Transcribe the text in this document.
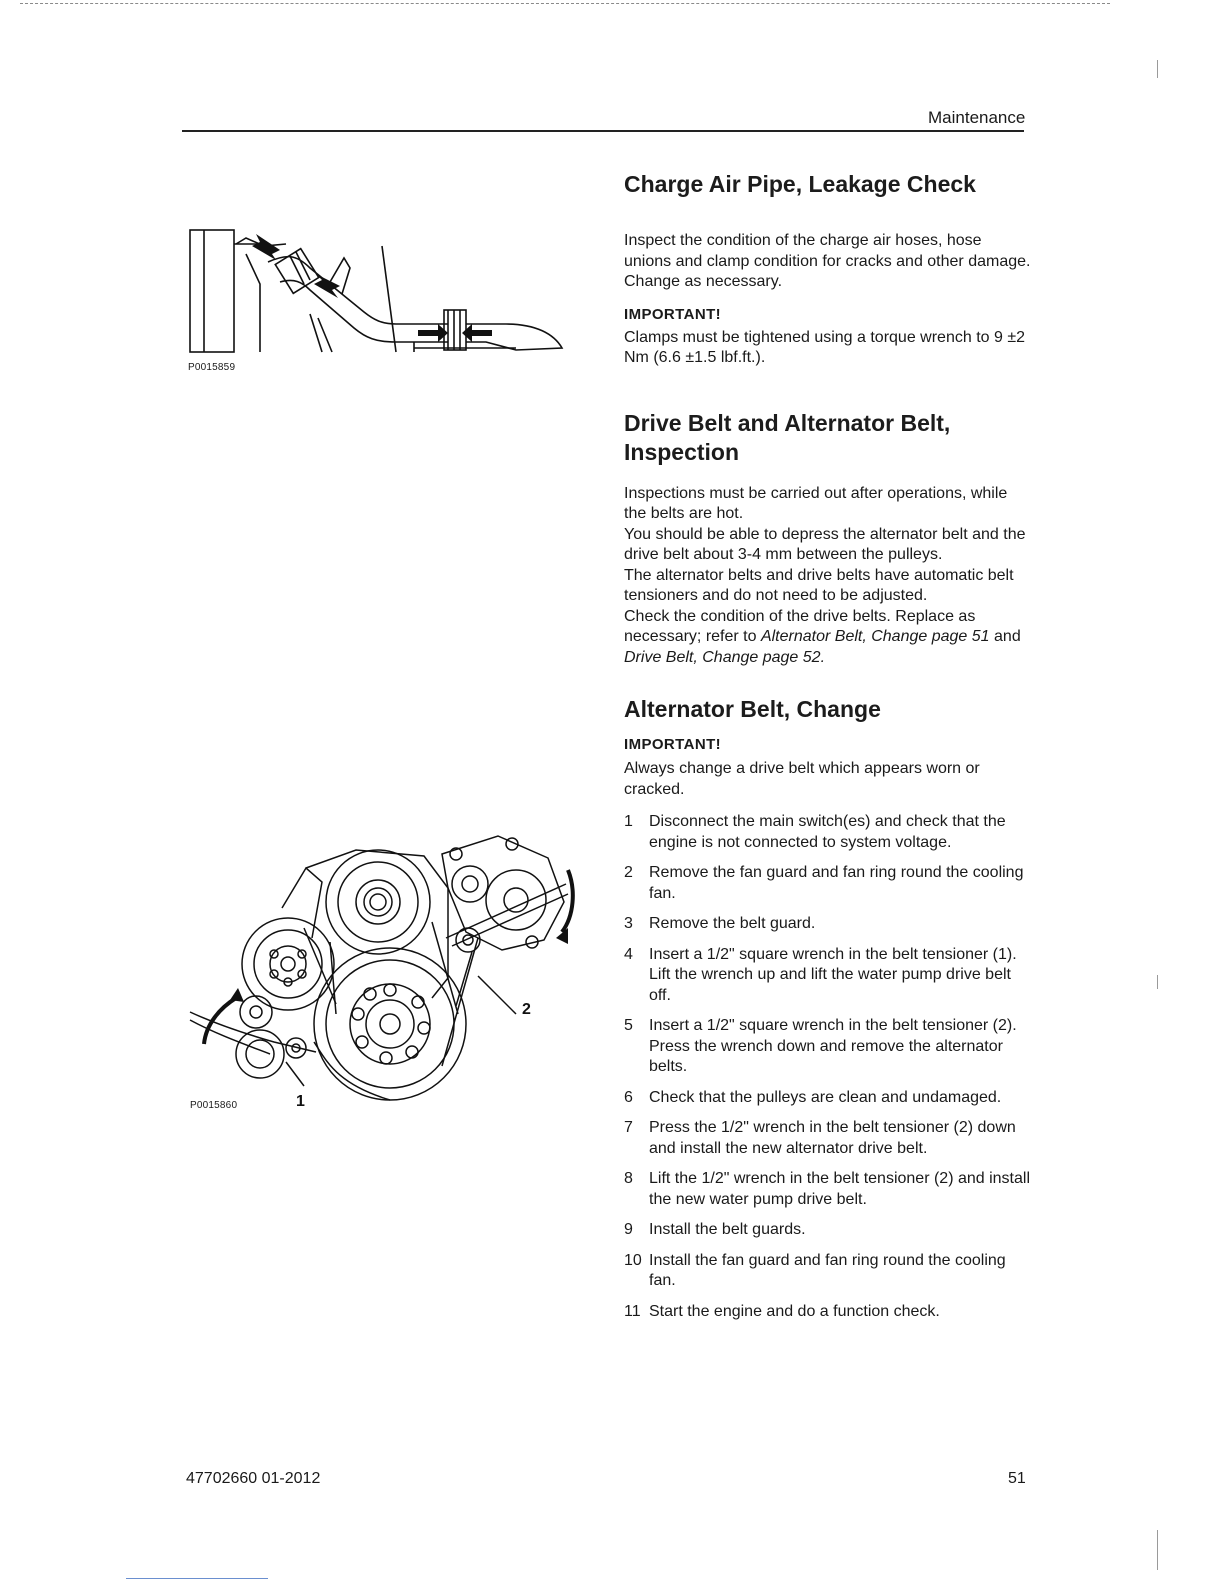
Maintenance
P0015859
2
1
P0015860
Charge Air Pipe, Leakage Check

Inspect the condition of the charge air hoses, hose unions and clamp condition for cracks and other damage. Change as necessary.

IMPORTANT!

Clamps must be tightened using a torque wrench to 9 ±2 Nm (6.6 ±1.5 lbf.ft.).

Drive Belt and Alternator Belt,
Inspection

Inspections must be carried out after operations, while the belts are hot.

You should be able to depress the alternator belt and the drive belt about 3-4 mm between the pulleys.

The alternator belts and drive belts have automatic belt tensioners and do not need to be adjusted.

Check the condition of the drive belts. Replace as necessary; refer to Alternator Belt, Change page 51 and Drive Belt, Change page 52.

Alternator Belt, Change
IMPORTANT!

Always change a drive belt which appears worn or cracked.

1 Disconnect the main switch(es) and check that the engine is not connected to system voltage.
2 Remove the fan guard and fan ring round the cooling fan.
3 Remove the belt guard.
4 Insert a 1/2" square wrench in the belt tensioner (1). Lift the wrench up and lift the water pump drive belt off.
5 Insert a 1/2" square wrench in the belt tensioner (2). Press the wrench down and remove the alternator belts.
6 Check that the pulleys are clean and undamaged.
7 Press the 1/2" wrench in the belt tensioner (2) down and install the new alternator drive belt.
8 Lift the 1/2" wrench in the belt tensioner (2) and install the new water pump drive belt.
9 Install the belt guards.
10 Install the fan guard and fan ring round the cooling fan.
11 Start the engine and do a function check.
47702660 01-2012	51
